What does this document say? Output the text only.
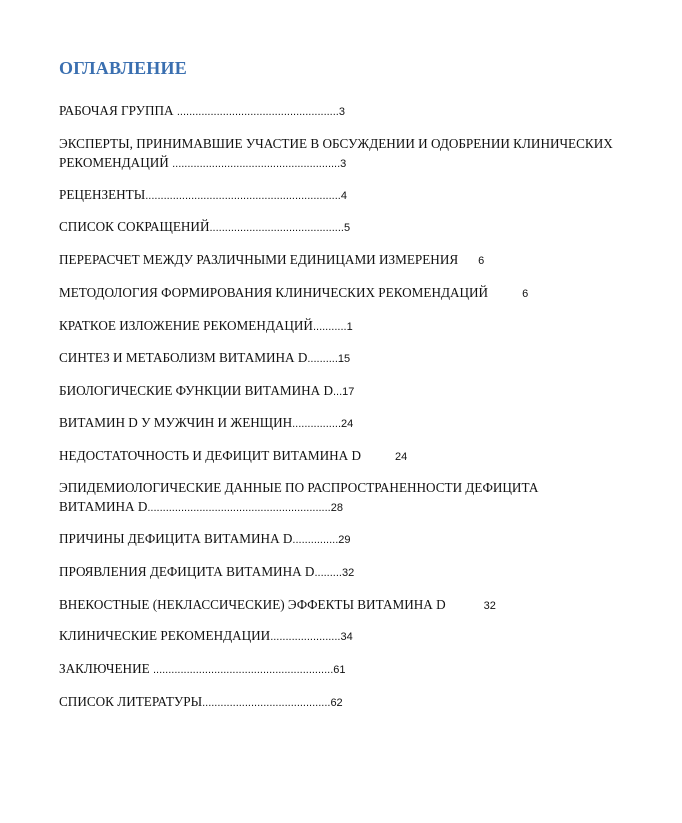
ОГЛАВЛЕНИЕ
РАБОЧАЯ ГРУППА .....................................................3
ЭКСПЕРТЫ, ПРИНИМАВШИЕ УЧАСТИЕ В ОБСУЖДЕНИИ И ОДОБРЕНИИ КЛИНИЧЕСКИХ
РЕКОМЕНДАЦИЙ .......................................................3
РЕЦЕНЗЕНТЫ................................................................4
СПИСОК СОКРАЩЕНИЙ............................................5
ПЕРЕРАСЧЕТ МЕЖДУ РАЗЛИЧНЫМИ ЕДИНИЦАМИ ИЗМЕРЕНИЯ 6
МЕТОДОЛОГИЯ ФОРМИРОВАНИЯ КЛИНИЧЕСКИХ РЕКОМЕНДАЦИЙ	6
КРАТКОЕ ИЗЛОЖЕНИЕ РЕКОМЕНДАЦИЙ...........1
СИНТЕЗ И МЕТАБОЛИЗМ ВИТАМИНА D..........15
БИОЛОГИЧЕСКИЕ ФУНКЦИИ ВИТАМИНА D...17
ВИТАМИН D У МУЖЧИН И ЖЕНЩИН................24
НЕДОСТАТОЧНОСТЬ И ДЕФИЦИТ ВИТАМИНА D	24
ЭПИДЕМИОЛОГИЧЕСКИЕ ДАННЫЕ ПО РАСПРОСТРАНЕННОСТИ ДЕФИЦИТА
ВИТАМИНА D............................................................28
ПРИЧИНЫ ДЕФИЦИТА ВИТАМИНА D...............29
ПРОЯВЛЕНИЯ ДЕФИЦИТА ВИТАМИНА D.........32
ВНЕКОСТНЫЕ (НЕКЛАССИЧЕСКИЕ) ЭФФЕКТЫ ВИТАМИНА D	32
КЛИНИЧЕСКИЕ РЕКОМЕНДАЦИИ.......................34
ЗАКЛЮЧЕНИЕ ...........................................................61
СПИСОК ЛИТЕРАТУРЫ..........................................62
